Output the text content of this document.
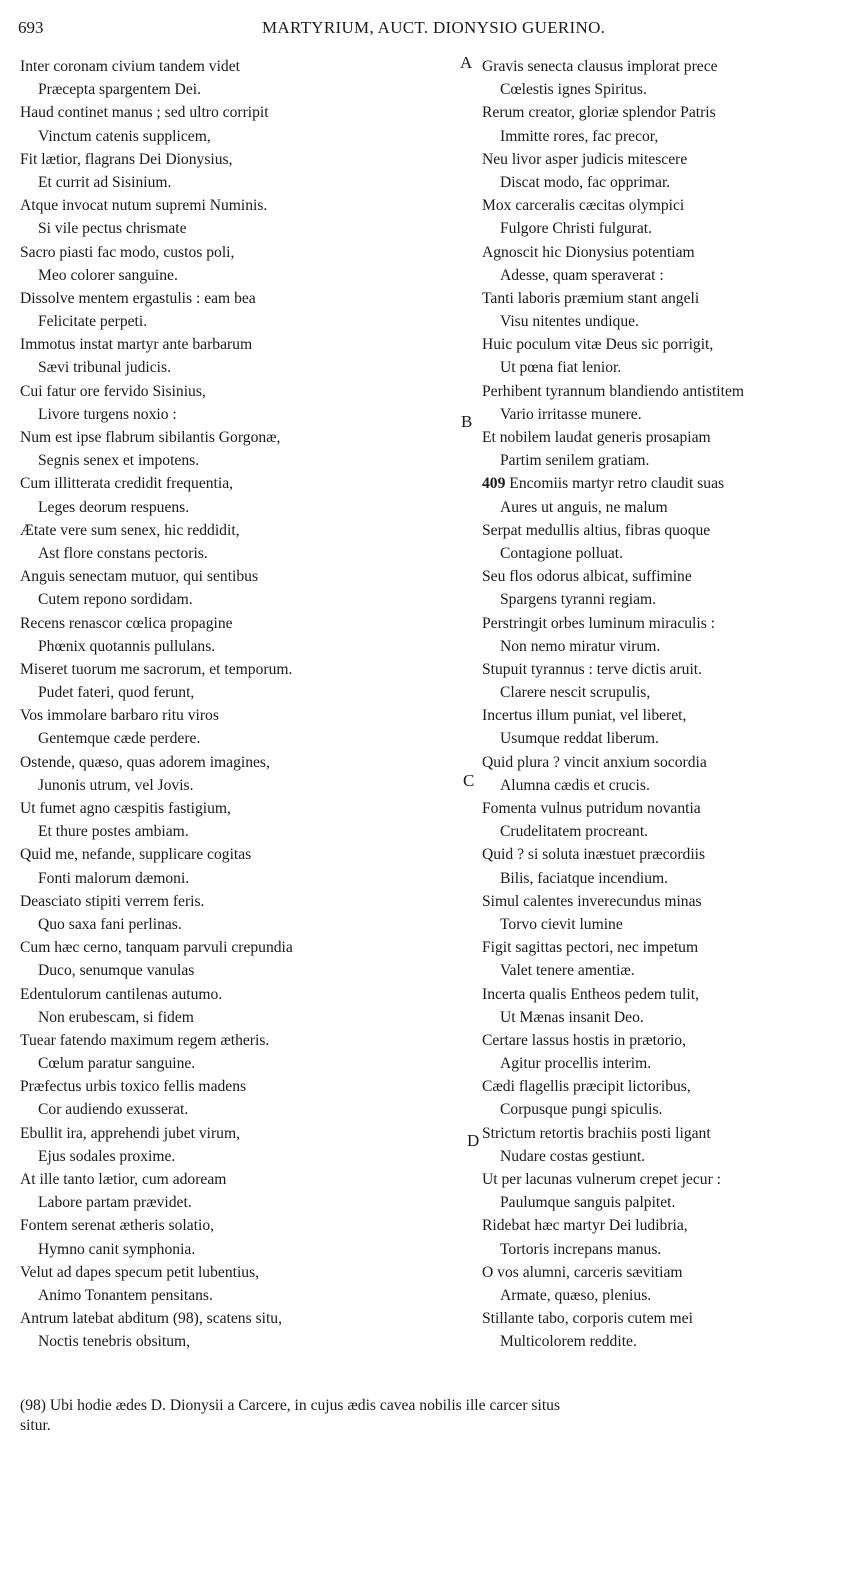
693	MARTYRIUM, AUCT. DIONYSIO GUERINO.
Inter coronam civium tandem videt
Præcepta spargentem Dei.
Haud continet manus ; sed ultro corripit
Vinctum catenis supplicem,
Fit lætior, flagrans Dei Dionysius,
Et currit ad Sisinium.
Atque invocat nutum supremi Numinis.
Si vile pectus chrismate
Sacro piasti fac modo, custos poli,
Meo colorer sanguine.
Dissolve mentem ergastulis : eam bea
Felicitate perpeti.
Immotus instat martyr ante barbarum
Sævi tribunal judicis.
Cui fatur ore fervido Sisinius,
Livore turgens noxio :
Num est ipse flabrum sibilantis Gorgonæ,
Segnis senex et impotens.
Cum illitterata credidit frequentia,
Leges deorum respuens.
Ætate vere sum senex, hic reddidit,
Ast flore constans pectoris.
Anguis senectam mutuor, qui sentibus
Cutem repono sordidam.
Recens renascor cœlica propagine
Phœnix quotannis pullulans.
Miseret tuorum me sacrorum, et temporum.
Pudet fateri, quod ferunt,
Vos immolare barbaro ritu viros
Gentemque cæde perdere.
Ostende, quæso, quas adorem imagines,
Junonis utrum, vel Jovis.
Ut fumet agno cæspitis fastigium,
Et thure postes ambiam.
Quid me, nefande, supplicare cogitas
Fonti malorum dæmoni.
Deasciato stipiti verrem feris.
Quo saxa fani perlinas.
Cum hæc cerno, tanquam parvuli crepundia
Duco, senumque vanulas
Edentulorum cantilenas autumo.
Non erubescam, si fidem
Tuear fatendo maximum regem ætheris.
Cœlum paratur sanguine.
Præfectus urbis toxico fellis madens
Cor audiendo exusserat.
Ebullit ira, apprehendi jubet virum,
Ejus sodales proxime.
At ille tanto lætior, cum adoream
Labore partam prævidet.
Fontem serenat ætheris solatio,
Hymno canit symphonia.
Velut ad dapes specum petit lubentius,
Animo Tonantem pensitans.
Antrum latebat abditum (98), scatens situ,
Noctis tenebris obsitum,
Gravis senecta clausus implorat prece
Cœlestis ignes Spiritus.
Rerum creator, gloriæ splendor Patris
Immitte rores, fac precor,
Neu livor asper judicis mitescere
Discat modo, fac opprimar.
Mox carceralis cæcitas olympici
Fulgore Christi fulgurat.
Agnoscit hic Dionysius potentiam
Adesse, quam speraverat :
Tanti laboris præmium stant angeli
Visu nitentes undique.
Huic poculum vitæ Deus sic porrigit,
Ut pœna fiat lenior.
Perhibent tyrannum blandiendo antistitem
Vario irritasse munere.
Et nobilem laudat generis prosapiam
Partim senilem gratiam.
409 Encomiis martyr retro claudit suas
Aures ut anguis, ne malum
Serpat medullis altius, fibras quoque
Contagione polluat.
Seu flos odorus albicat, suffimine
Spargens tyranni regiam.
Perstringit orbes luminum miraculis :
Non nemo miratur virum.
Stupuit tyrannus : terve dictis aruit.
Clarere nescit scrupulis,
Incertus illum puniat, vel liberet,
Usumque reddat liberum.
Quid plura ? vincit anxium socordia
Alumna cædis et crucis.
Fomenta vulnus putridum novantia
Crudelitatem procreant.
Quid ? si soluta inæstuet præcordiis
Bilis, faciatque incendium.
Simul calentes inverecundus minas
Torvo cievit lumine
Figit sagittas pectori, nec impetum
Valet tenere amentiæ.
Incerta qualis Entheos pedem tulit,
Ut Mænas insanit Deo.
Certare lassus hostis in prætorio,
Agitur procellis interim.
Cædi flagellis præcipit lictoribus,
Corpusque pungi spiculis.
Strictum retortis brachiis posti ligant
Nudare costas gestiunt.
Ut per lacunas vulnerum crepet jecur :
Paulumque sanguis palpitet.
Ridebat hæc martyr Dei ludibria,
Tortoris increpans manus.
O vos alumni, carceris sævitiam
Armate, quæso, plenius.
Stillante tabo, corporis cutem mei
Multicolorem reddite.
A
B
C
D
(98) Ubi hodie ædes D. Dionysii a Carcere, in cujus ædis cavea nobilis ille carcer situs
situr.
